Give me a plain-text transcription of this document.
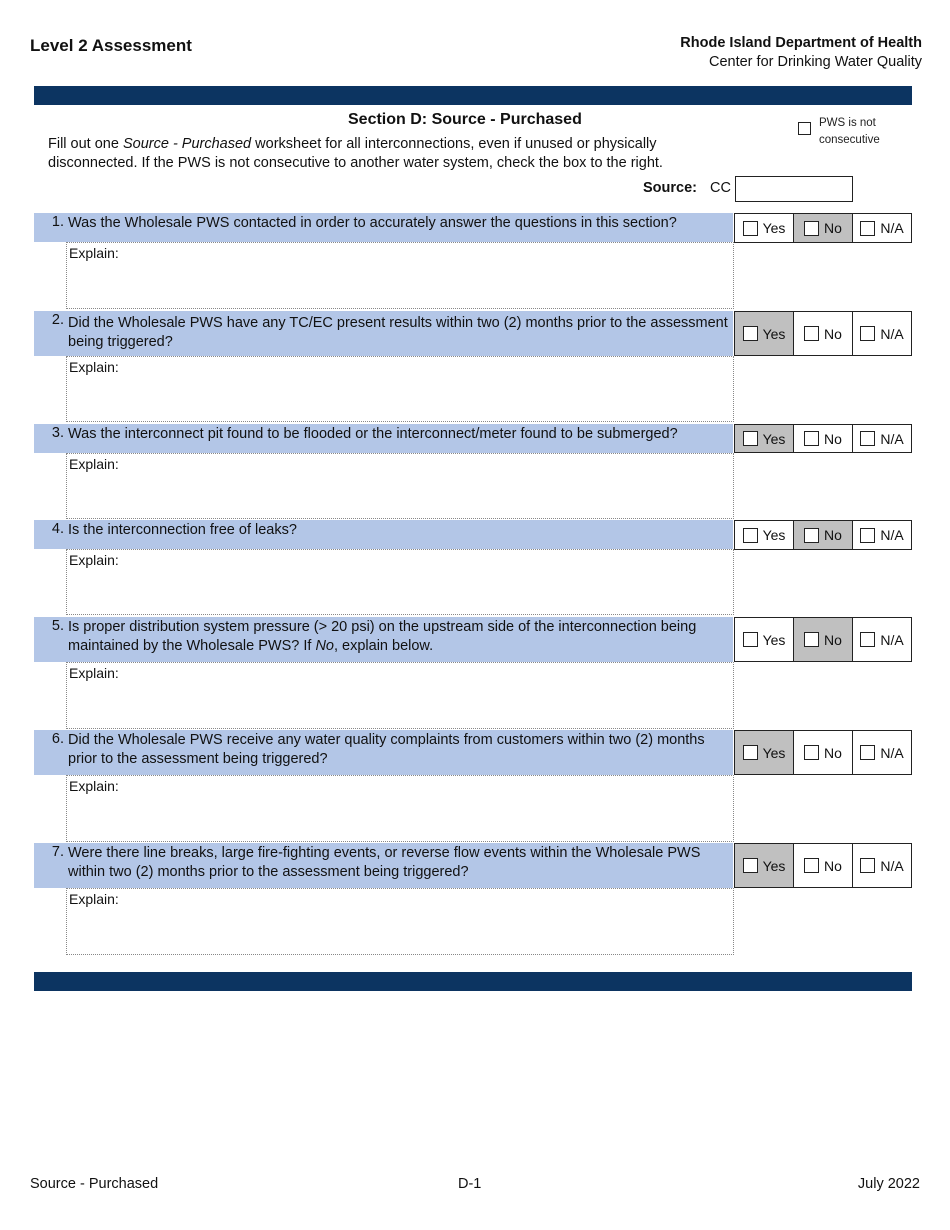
Level 2 Assessment	Rhode Island Department of Health
Center for Drinking Water Quality
Section D: Source - Purchased
Fill out one Source - Purchased worksheet for all interconnections, even if unused or physically disconnected. If the PWS is not consecutive to another water system, check the box to the right.
PWS is not consecutive
Source: CC
1. Was the Wholesale PWS contacted in order to accurately answer the questions in this section?
Explain:
Yes	No	N/A
2. Did the Wholesale PWS have any TC/EC present results within two (2) months prior to the assessment being triggered?
Explain:
Yes	No	N/A
3. Was the interconnect pit found to be flooded or the interconnect/meter found to be submerged?
Explain:
Yes	No	N/A
4. Is the interconnection free of leaks?
Explain:
Yes	No	N/A
5. Is proper distribution system pressure (> 20 psi) on the upstream side of the interconnection being maintained by the Wholesale PWS? If No, explain below.
Explain:
Yes	No	N/A
6. Did the Wholesale PWS receive any water quality complaints from customers within two (2) months prior to the assessment being triggered?
Explain:
Yes	No	N/A
7. Were there line breaks, large fire-fighting events, or reverse flow events within the Wholesale PWS within two (2) months prior to the assessment being triggered?
Explain:
Yes	No	N/A
Source - Purchased	D-1	July 2022
